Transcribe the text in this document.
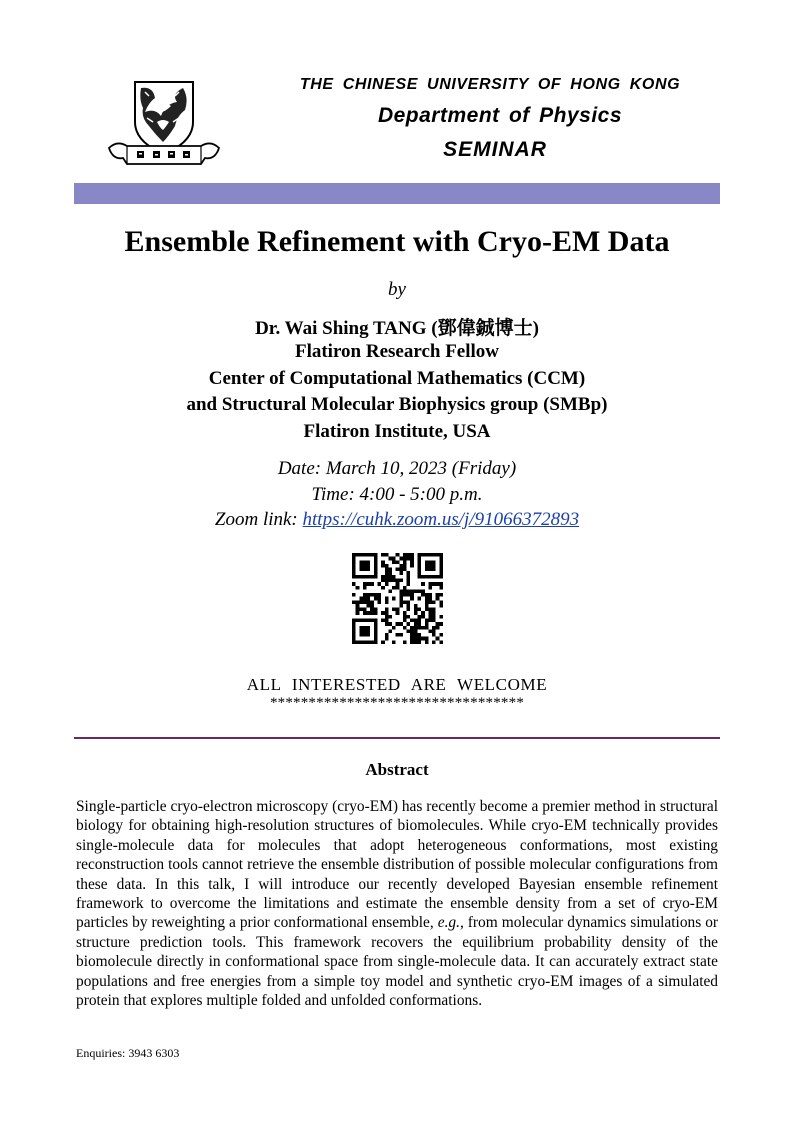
THE CHINESE UNIVERSITY OF HONG KONG
Department of Physics
SEMINAR
Ensemble Refinement with Cryo-EM Data
by
Dr. Wai Shing TANG (鄧偉鋮博士)
Flatiron Research Fellow
Center of Computational Mathematics (CCM)
and Structural Molecular Biophysics group (SMBp)
Flatiron Institute, USA
Date: March 10, 2023 (Friday)
Time: 4:00 - 5:00 p.m.
Zoom link: https://cuhk.zoom.us/j/91066372893
ALL INTERESTED ARE WELCOME
*********************************
Abstract
Single-particle cryo-electron microscopy (cryo-EM) has recently become a premier method in structural biology for obtaining high-resolution structures of biomolecules. While cryo-EM technically provides single-molecule data for molecules that adopt heterogeneous conformations, most existing reconstruction tools cannot retrieve the ensemble distribution of possible molecular configurations from these data. In this talk, I will introduce our recently developed Bayesian ensemble refinement framework to overcome the limitations and estimate the ensemble density from a set of cryo-EM particles by reweighting a prior conformational ensemble, e.g., from molecular dynamics simulations or structure prediction tools. This framework recovers the equilibrium probability density of the biomolecule directly in conformational space from single-molecule data. It can accurately extract state populations and free energies from a simple toy model and synthetic cryo-EM images of a simulated protein that explores multiple folded and unfolded conformations.
Enquiries: 3943 6303
